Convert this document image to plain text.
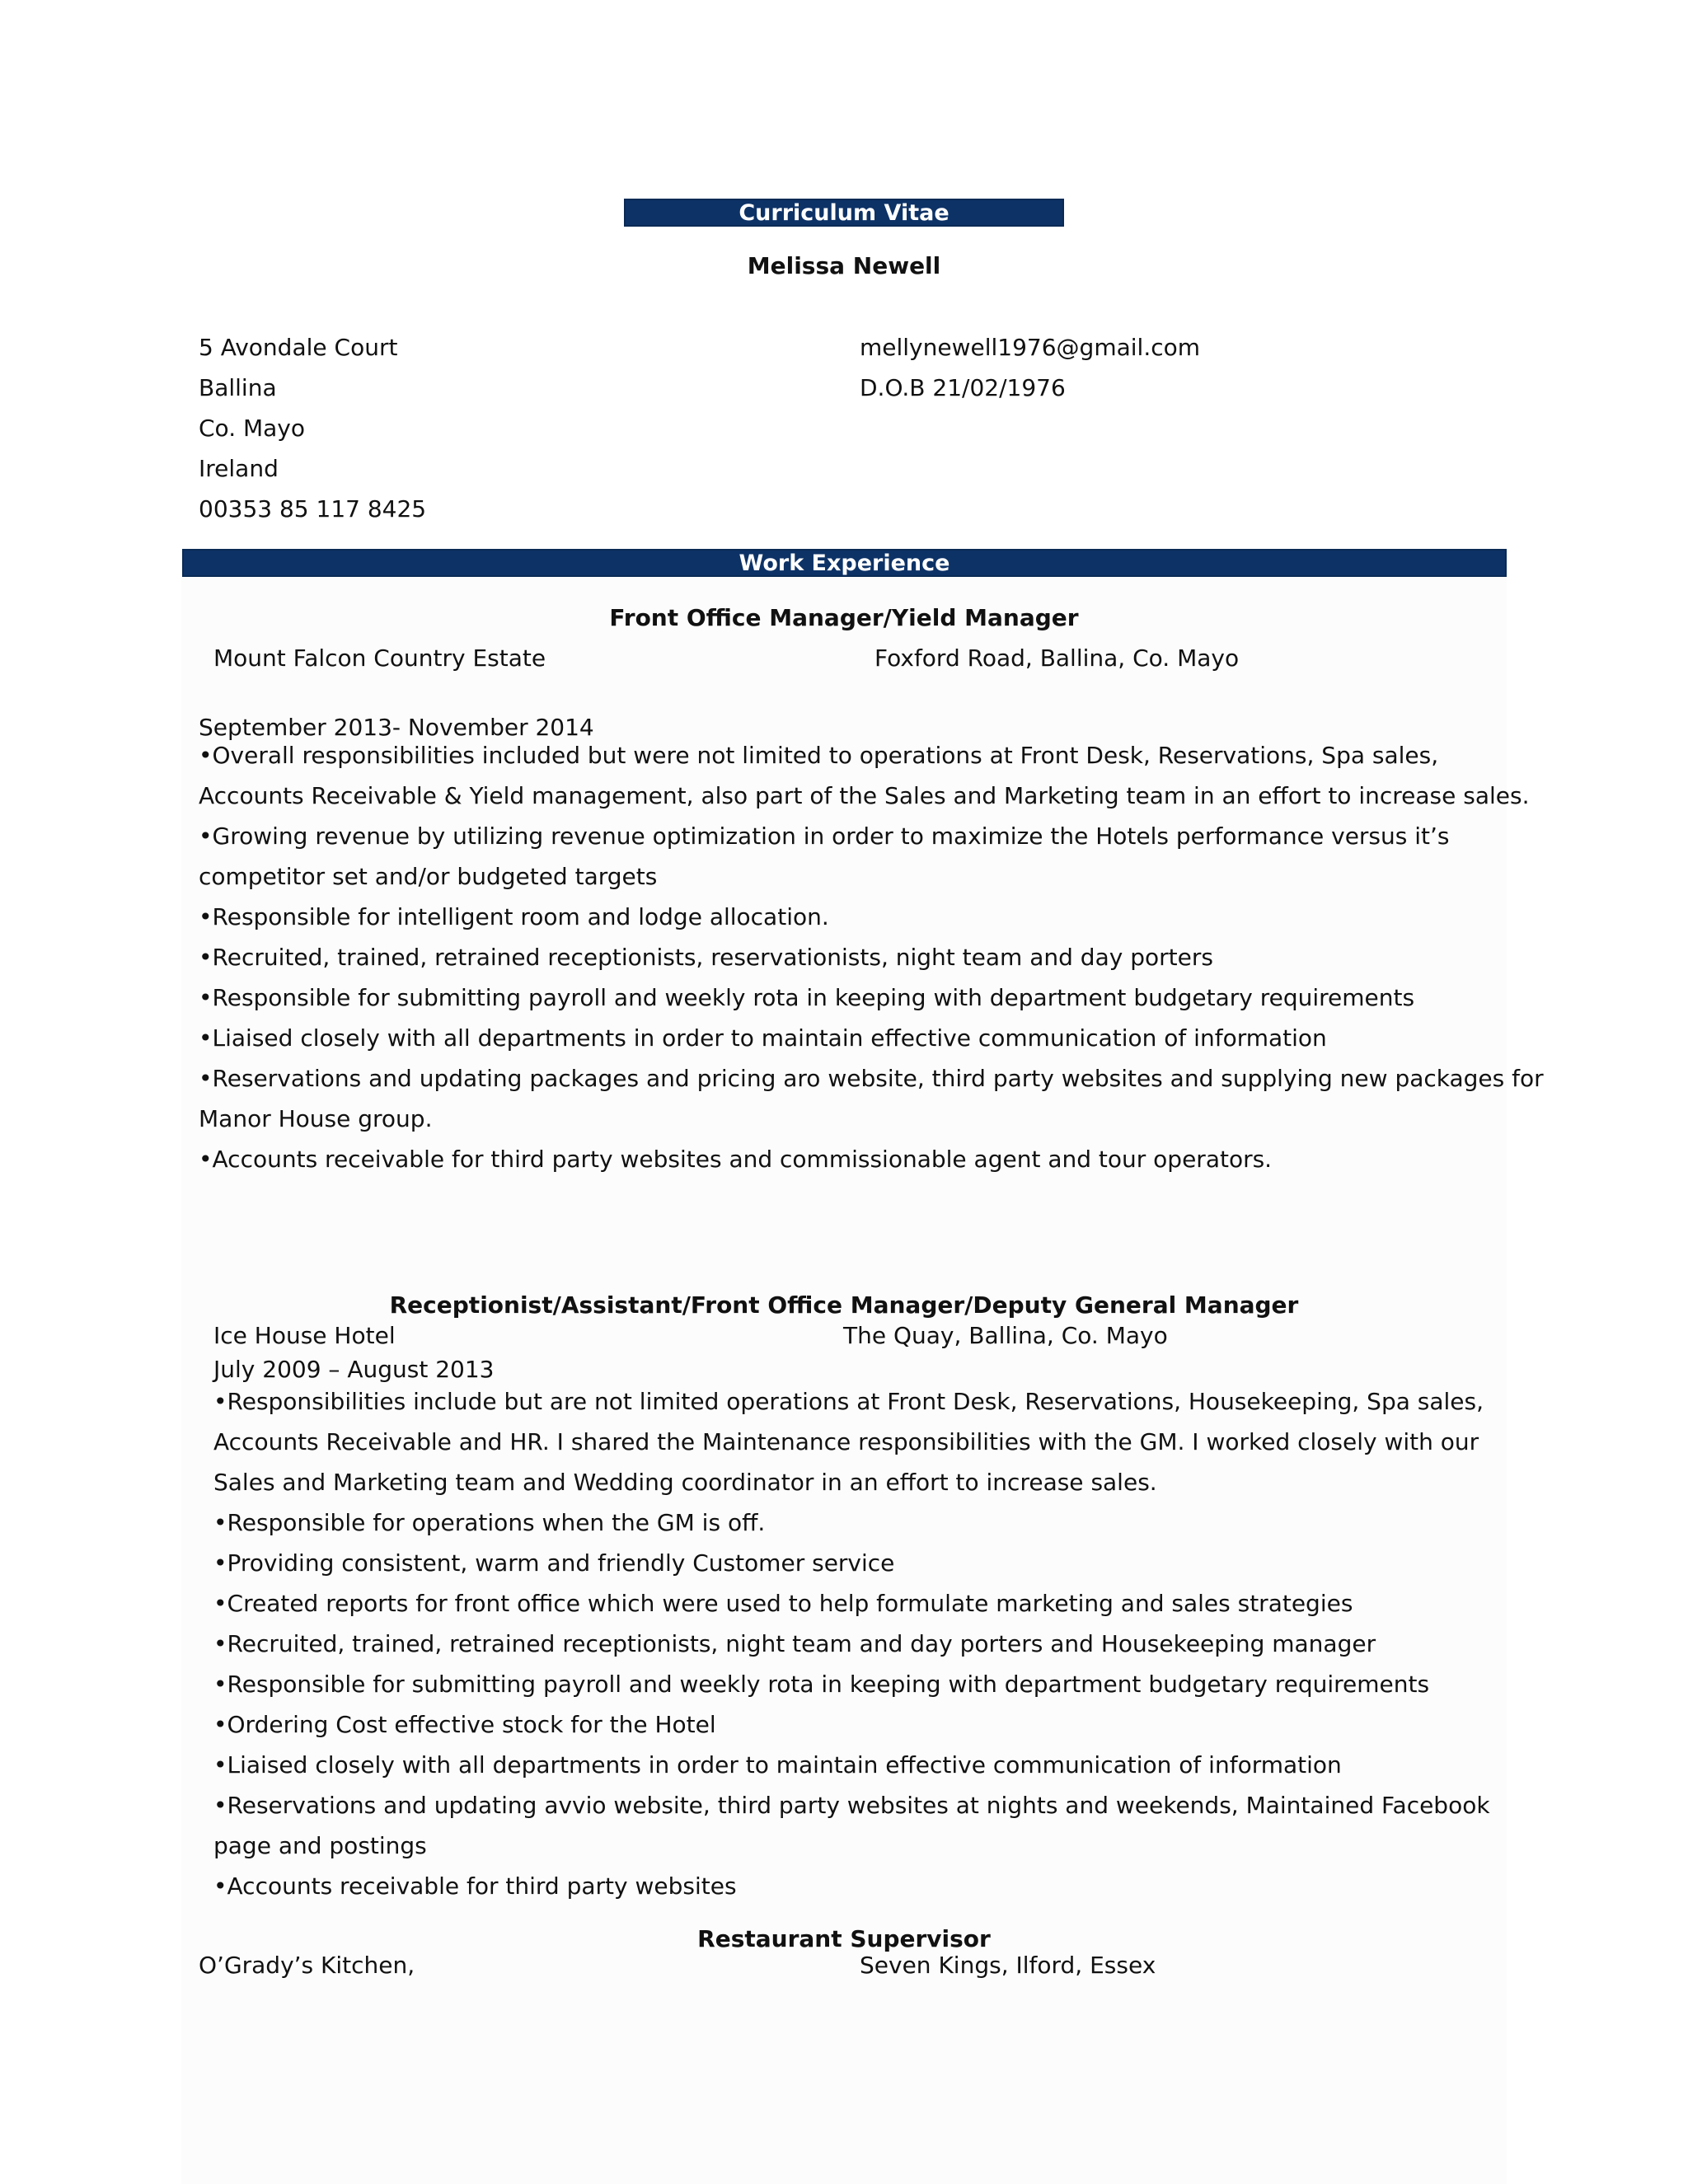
Curriculum Vitae
Melissa Newell
5 Avondale Court
Ballina
Co. Mayo
Ireland
00353 85 117 8425
mellynewell1976@gmail.com
D.O.B 21/02/1976
Work Experience
Front Office Manager/Yield Manager
Mount Falcon Country Estate	Foxford Road, Ballina, Co. Mayo
September 2013- November 2014
•Overall responsibilities included but were not limited to operations at Front Desk, Reservations, Spa sales,
Accounts Receivable & Yield management, also part of the Sales and Marketing team in an effort to increase sales.
•Growing revenue by utilizing revenue optimization in order to maximize the Hotels performance versus it’s
competitor set and/or budgeted targets
•Responsible for intelligent room and lodge allocation.
•Recruited, trained, retrained receptionists, reservationists, night team and day porters
•Responsible for submitting payroll and weekly rota in keeping with department budgetary requirements
•Liaised closely with all departments in order to maintain effective communication of information
•Reservations and updating packages and pricing aro website, third party websites and supplying new packages for
Manor House group.
•Accounts receivable for third party websites and commissionable agent and tour operators.
Receptionist/Assistant/Front Office Manager/Deputy General Manager
Ice House Hotel	The Quay, Ballina, Co. Mayo
July 2009 – August 2013
•Responsibilities include but are not limited operations at Front Desk, Reservations, Housekeeping, Spa sales,
Accounts Receivable and HR. I shared the Maintenance responsibilities with the GM. I worked closely with our
Sales and Marketing team and Wedding coordinator in an effort to increase sales.
•Responsible for operations when the GM is off.
•Providing consistent, warm and friendly Customer service
•Created reports for front office which were used to help formulate marketing and sales strategies
•Recruited, trained, retrained receptionists, night team and day porters and Housekeeping manager
•Responsible for submitting payroll and weekly rota in keeping with department budgetary requirements
•Ordering Cost effective stock for the Hotel
•Liaised closely with all departments in order to maintain effective communication of information
•Reservations and updating avvio website, third party websites at nights and weekends, Maintained Facebook
page and postings
•Accounts receivable for third party websites
Restaurant Supervisor
O’Grady’s Kitchen,	Seven Kings, Ilford, Essex
